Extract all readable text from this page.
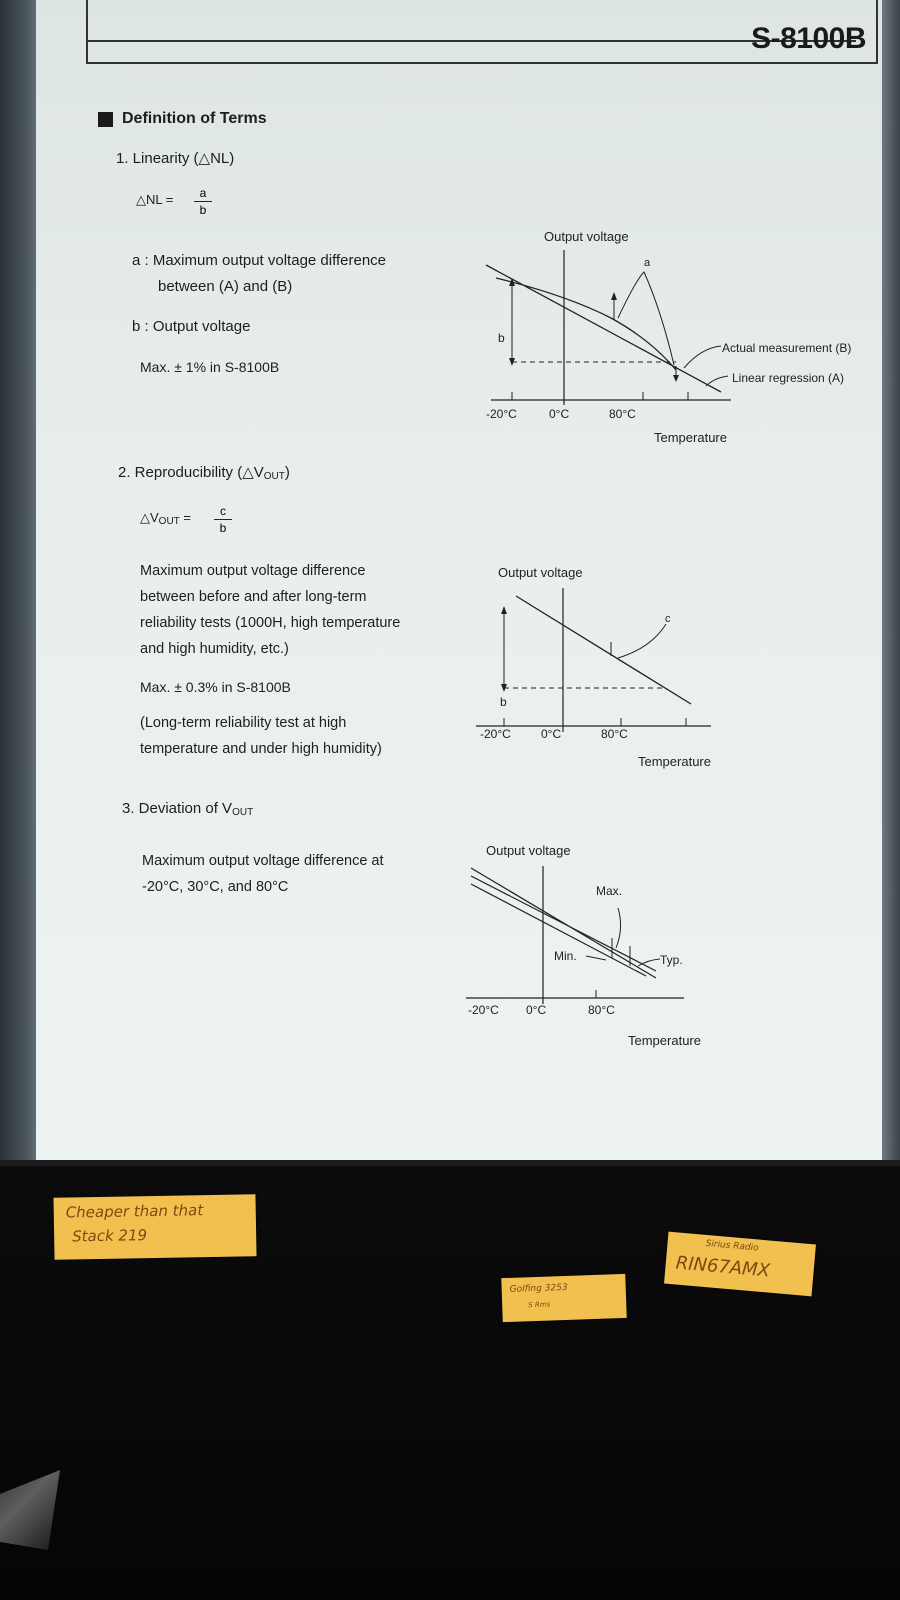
S-8100B
Definition of Terms
1. Linearity (△NL)
△NL = a
b
a : Maximum output voltage difference
between (A) and (B)
b : Output voltage
Max. ± 1% in S-8100B
Output voltage
Temperature
-20°C	0°C	80°C
b
a
Actual measurement (B)
Linear regression (A)
2. Reproducibility $(\triangle V_{OUT})$
$\triangle V_{OUT} = c$
b
Maximum output voltage difference
between before and after long-term
reliability tests (1000H, high temperature
and high humidity, etc.)
Max. ± 0.3% in S-8100B
(Long-term reliability test at high
temperature and under high humidity)
Output voltage
Temperature
-20°C	0°C	80°C
b
c
3. Deviation of $V_{OUT}$
Maximum output voltage difference at
-20°C, 30°C, and 80°C
Output voltage
Temperature
-20°C 0°C	80°C
Max.
Min.	Typ.
Cheaper than that
Stack 219
Golfing 3253
S Rms
Sirius Radio
RIN67AMX
